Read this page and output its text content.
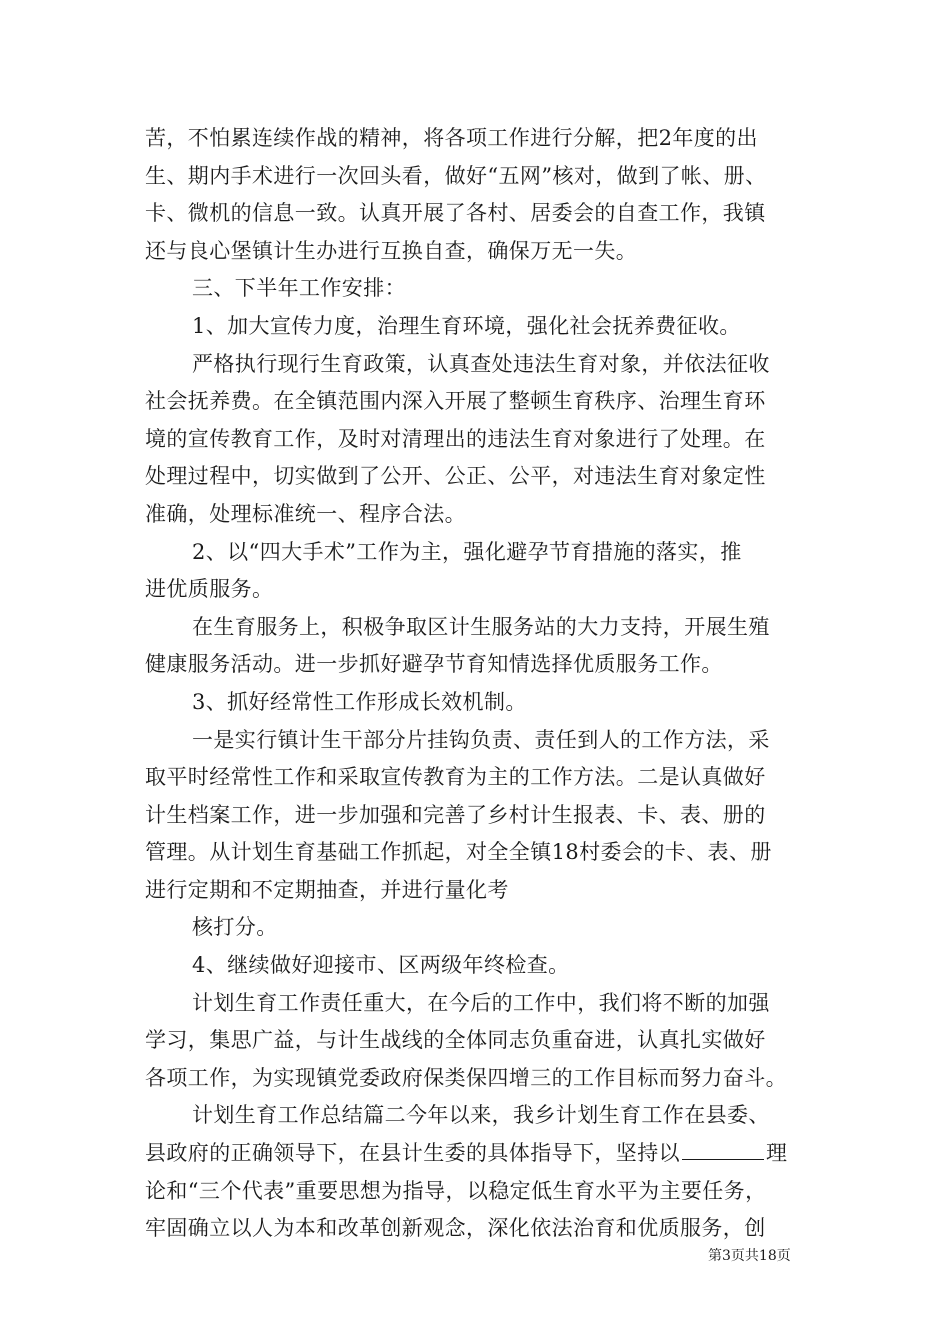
苦，不怕累连续作战的精神，将各项工作进行分解，把2年度的出
生、期内手术进行一次回头看，做好“五网”核对，做到了帐、册、
卡、微机的信息一致。认真开展了各村、居委会的自查工作，我镇
还与良心堡镇计生办进行互换自查，确保万无一失。
三、下半年工作安排：
1、加大宣传力度，治理生育环境，强化社会抚养费征收。
严格执行现行生育政策，认真查处违法生育对象，并依法征收
社会抚养费。在全镇范围内深入开展了整顿生育秩序、治理生育环
境的宣传教育工作，及时对清理出的违法生育对象进行了处理。在
处理过程中，切实做到了公开、公正、公平，对违法生育对象定性
准确，处理标准统一、程序合法。
2、以“四大手术”工作为主，强化避孕节育措施的落实，推
进优质服务。
在生育服务上，积极争取区计生服务站的大力支持，开展生殖
健康服务活动。进一步抓好避孕节育知情选择优质服务工作。
3、抓好经常性工作形成长效机制。
一是实行镇计生干部分片挂钩负责、责任到人的工作方法，采
取平时经常性工作和采取宣传教育为主的工作方法。二是认真做好
计生档案工作，进一步加强和完善了乡村计生报表、卡、表、册的
管理。从计划生育基础工作抓起，对全全镇18村委会的卡、表、册
进行定期和不定期抽查，并进行量化考
核打分。
4、继续做好迎接市、区两级年终检查。
计划生育工作责任重大，在今后的工作中，我们将不断的加强
学习，集思广益，与计生战线的全体同志负重奋进，认真扎实做好
各项工作，为实现镇党委政府保类保四增三的工作目标而努力奋斗。
计划生育工作总结篇二今年以来，我乡计划生育工作在县委、
县政府的正确领导下，在县计生委的具体指导下，坚持以	理
论和“三个代表”重要思想为指导，以稳定低生育水平为主要任务，
牢固确立以人为本和改革创新观念，深化依法治育和优质服务，创
第3页共18页
